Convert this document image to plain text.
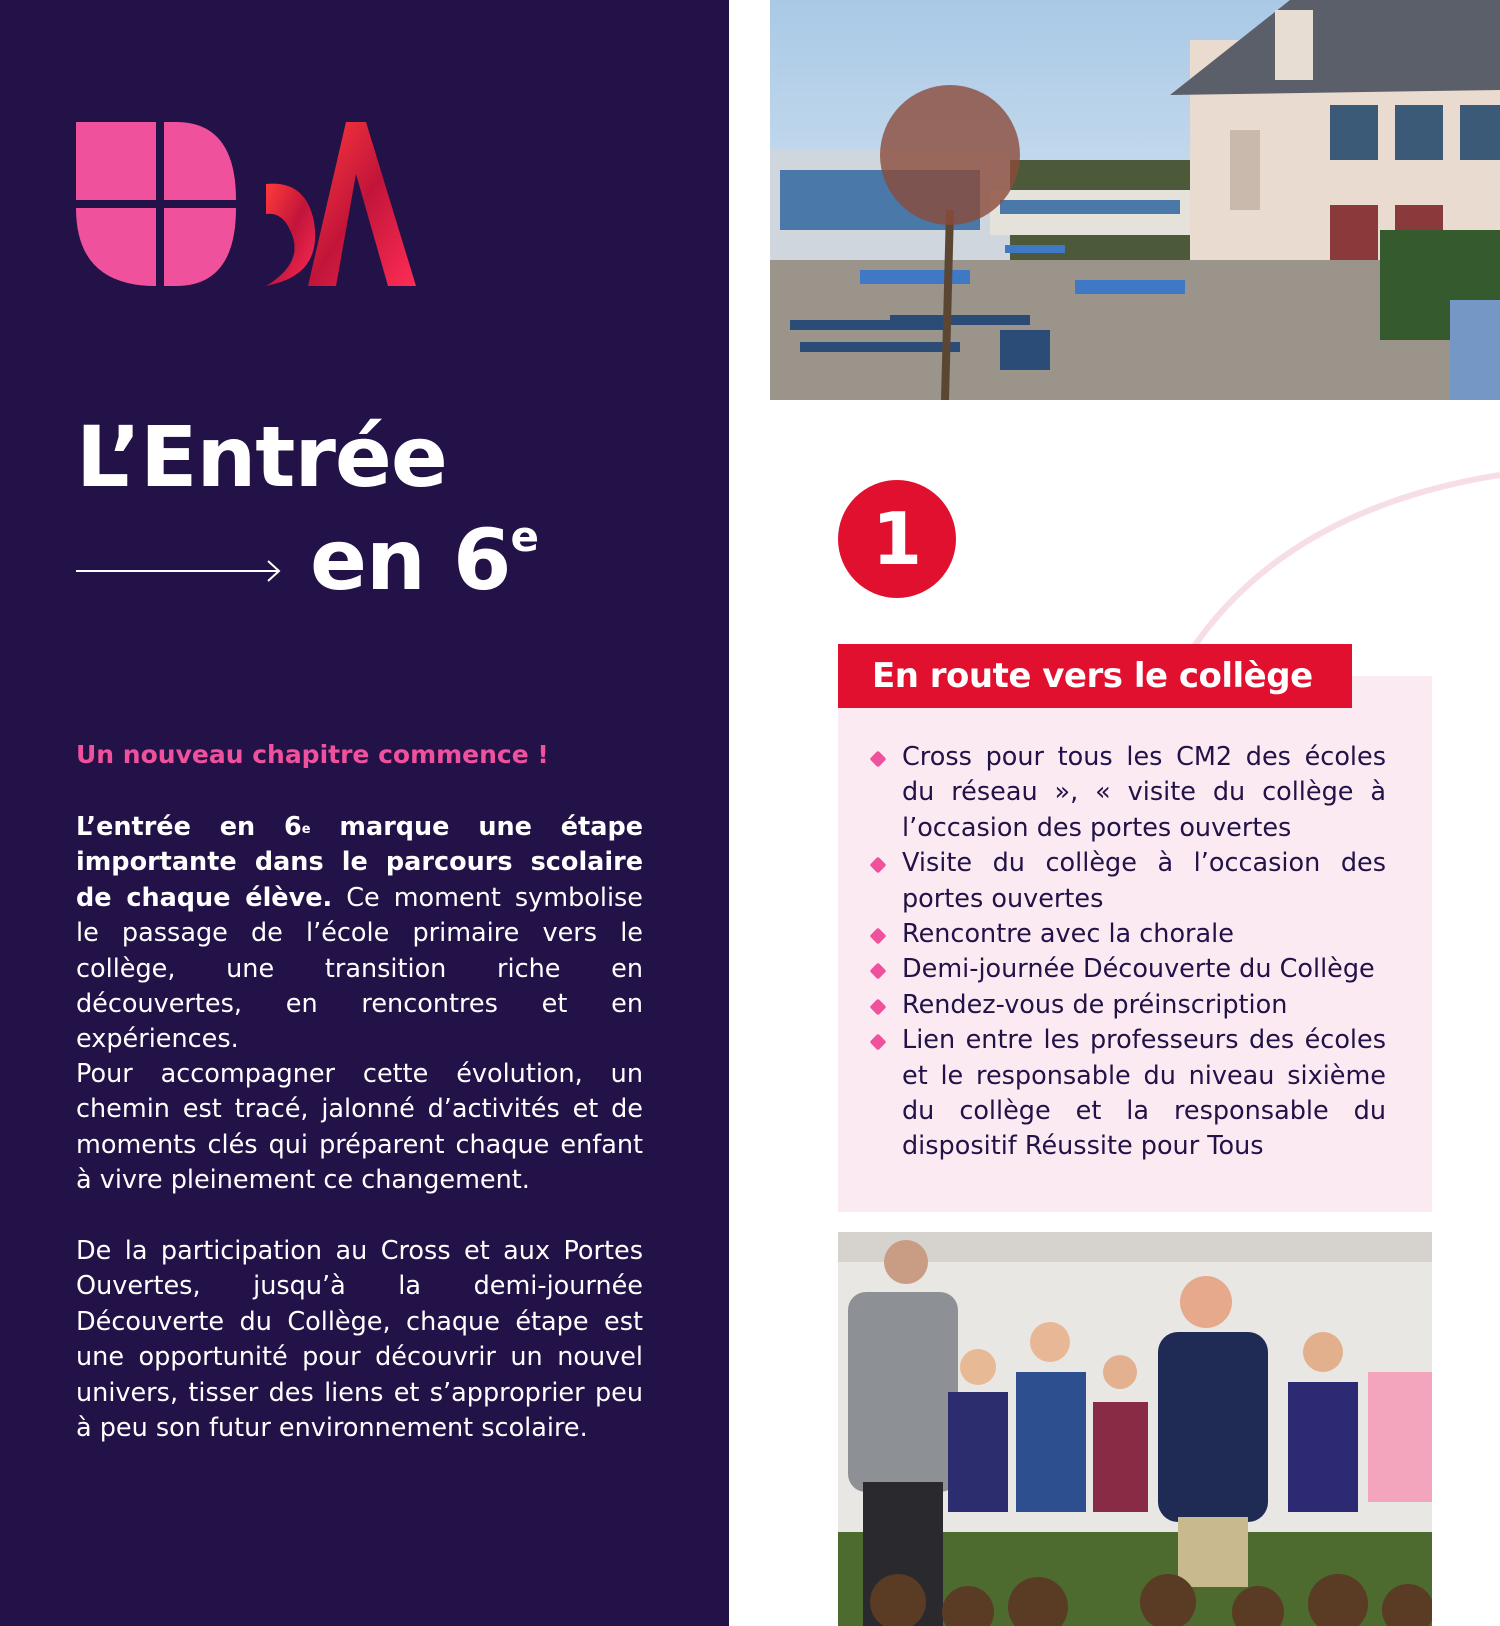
L’Entrée
en 6e
Un nouveau chapitre commence !

L’entrée en 6e marque une étape importante dans le parcours scolaire de chaque élève. Ce moment symbolise le passage de l’école primaire vers le collège, une transition riche en découvertes, en rencontres et en expériences.

Pour accompagner cette évolution, un chemin est tracé, jalonné d’activités et de moments clés qui préparent chaque enfant à vivre pleinement ce changement.

De la participation au Cross et aux Portes Ouvertes, jusqu’à la demi-journée Découverte du Collège, chaque étape est une opportunité pour découvrir un nouvel univers, tisser des liens et s’approprier peu à peu son futur environnement scolaire.

1
En route vers le collège
Cross pour tous les CM2 des écoles du réseau », « visite du collège à l’occasion des portes ouvertes
Visite du collège à l’occasion des portes ouvertes
Rencontre avec la chorale
Demi-journée Découverte du Collège
Rendez-vous de préinscription
Lien entre les professeurs des écoles et le responsable du niveau sixième du collège et la responsable du dispositif Réussite pour Tous
